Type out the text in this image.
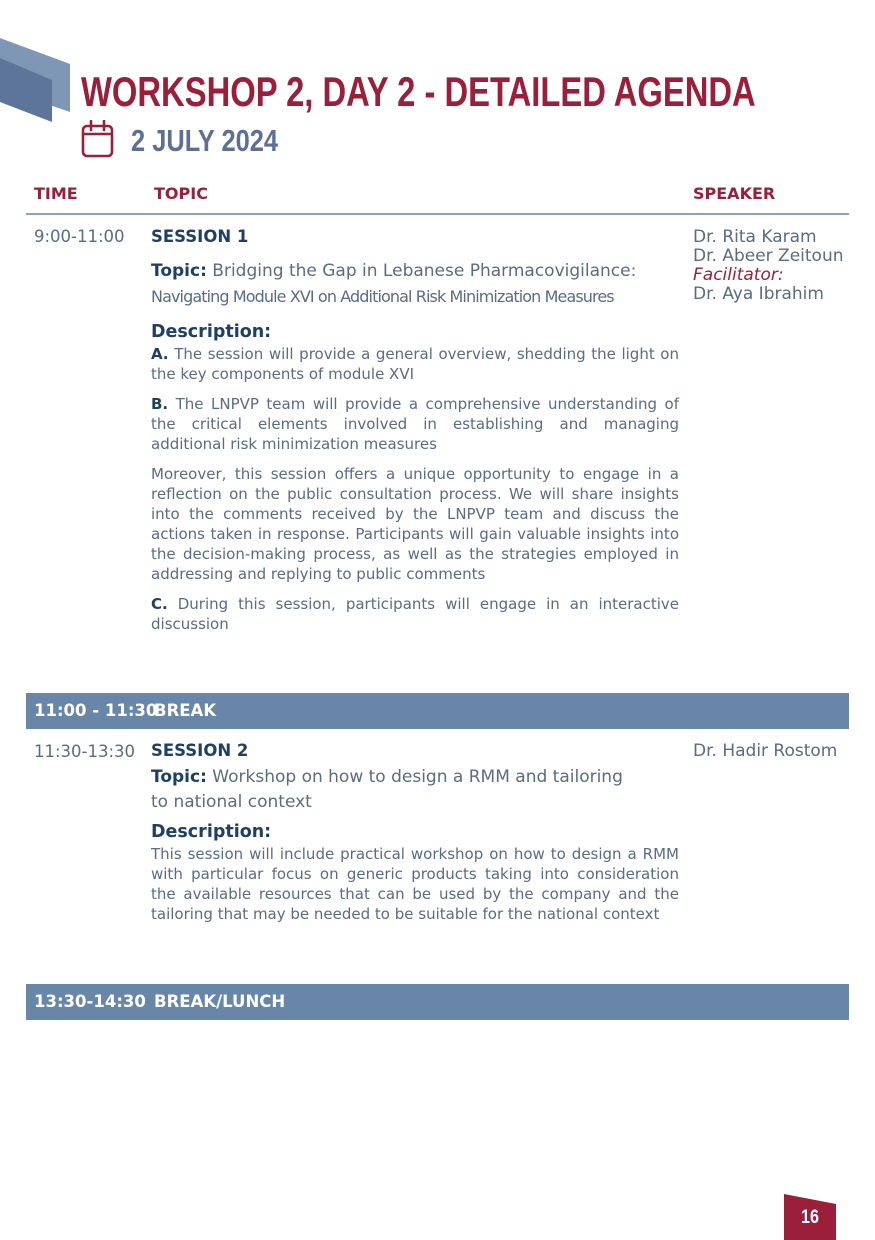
WORKSHOP 2, DAY 2 - DETAILED AGENDA

2 JULY 2024

TIME	TOPIC	SPEAKER
9:00-11:00 SESSION 1
Topic: Bridging the Gap in Lebanese Pharmacovigilance:
Navigating Module XVI on Additional Risk Minimization Measures
Description:

A. The session will provide a general overview, shedding the light on the key components of module XVI

B. The LNPVP team will provide a comprehensive understanding of the critical elements involved in establishing and managing additional risk minimization measures

Moreover, this session offers a unique opportunity to engage in a reflection on the public consultation process. We will share insights into the comments received by the LNPVP team and discuss the actions taken in response. Participants will gain valuable insights into the decision-making process, as well as the strategies employed in addressing and replying to public comments

C. During this session, participants will engage in an interactive discussion

Dr. Rita Karam
Dr. Abeer Zeitoun
Facilitator:
Dr. Aya Ibrahim
11:00 - 11:30
BREAK
11:30-13:30 SESSION 2
Topic: Workshop on how to design a RMM and tailoring
to national context
Description:

This session will include practical workshop on how to design a RMM with particular focus on generic products taking into consideration the available resources that can be used by the company and the tailoring that may be needed to be suitable for the national context

Dr. Hadir Rostom
13:30-14:30 BREAK/LUNCH
16
